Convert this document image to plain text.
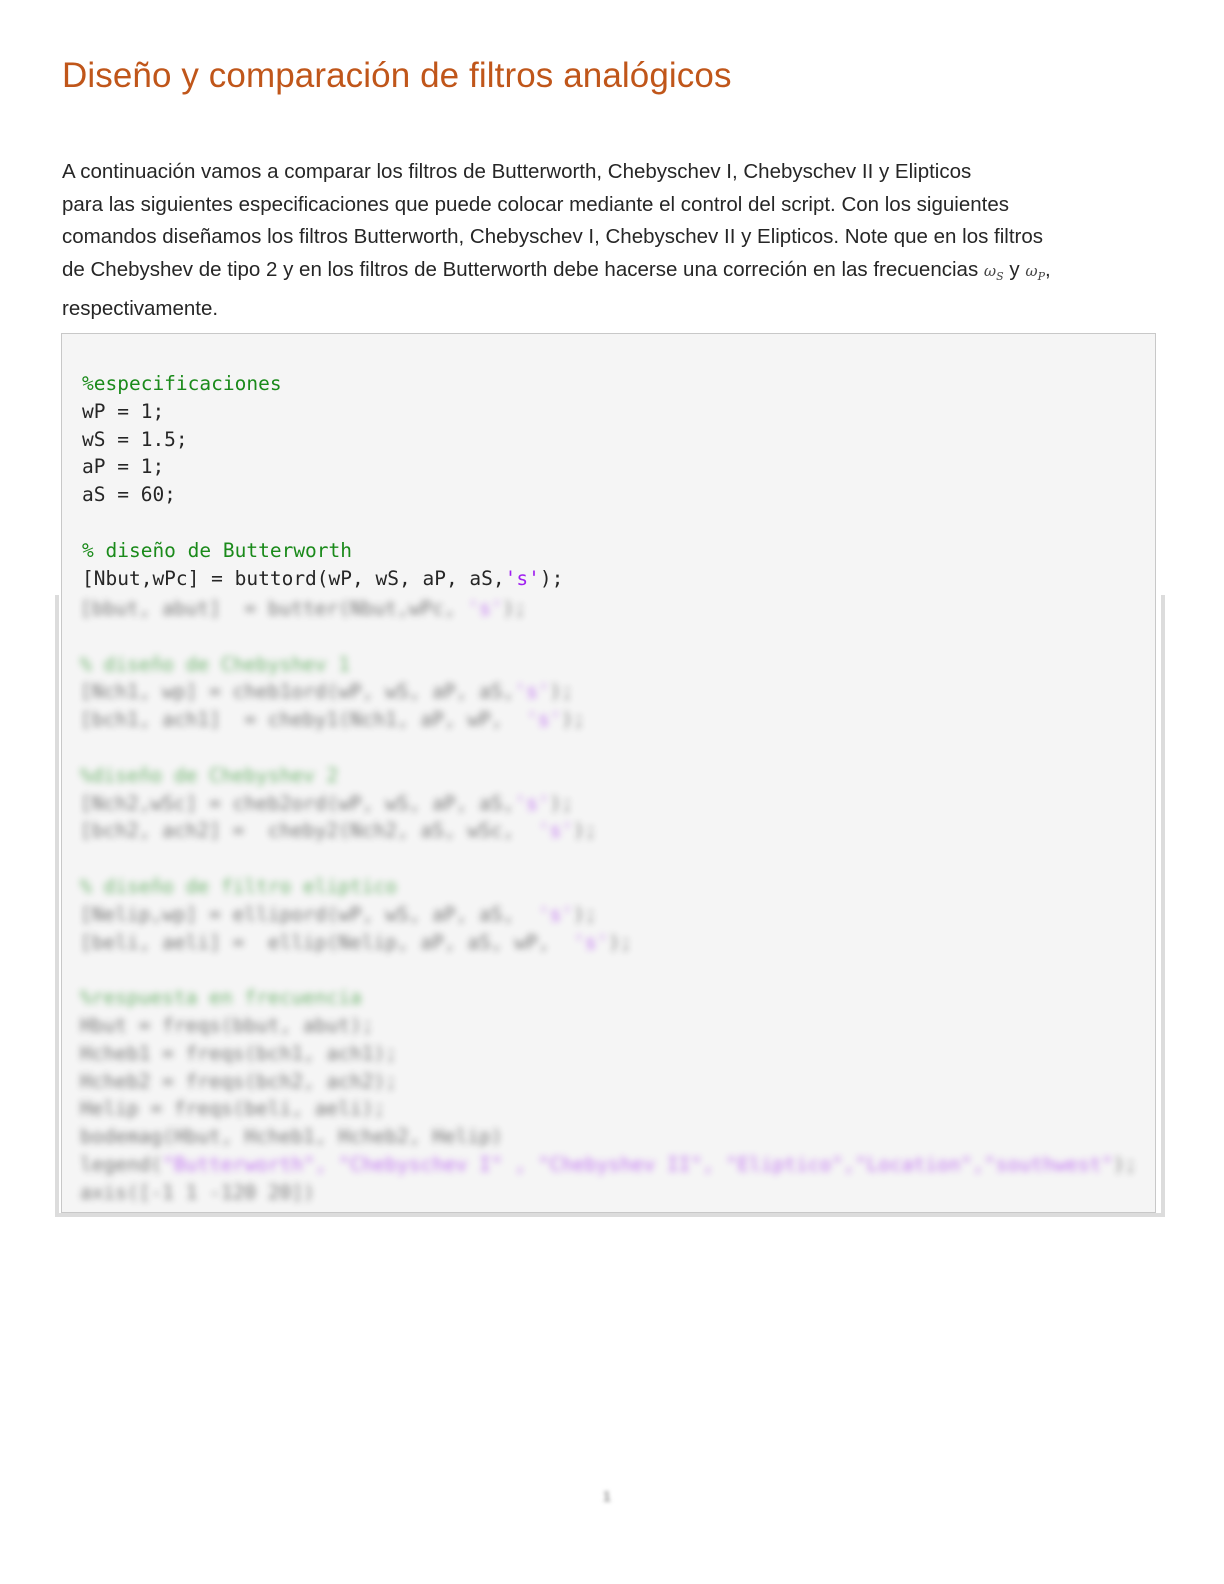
Diseño y comparación de filtros analógicos
A continuación vamos a comparar los filtros de Butterworth, Chebyschev I, Chebyschev II y Elipticos
para las siguientes especificaciones que puede colocar mediante el control del script. Con los siguientes
comandos diseñamos los filtros Butterworth, Chebyschev I, Chebyschev II y Elipticos. Note que en los filtros
de Chebyshev de tipo 2 y en los filtros de Butterworth debe hacerse una correción en las frecuencias $\omega_S$ y $\omega_P$,
respectivamente.
%especificaciones
wP = 1;
wS = 1.5;
aP = 1;
aS = 60;
% diseño de Butterworth
[Nbut,wPc] = buttord(wP, wS, aP, aS,'s');
[bbut, abut]  = butter(Nbut,wPc, 's');
% diseño de Chebyshev 1
[Nch1, wp] = cheb1ord(wP, wS, aP, aS,'s');
[bch1, ach1]  = cheby1(Nch1, aP, wP,  's');
%diseño de Chebyshev 2
[Nch2,wSc] = cheb2ord(wP, wS, aP, aS,'s');
[bch2, ach2] =  cheby2(Nch2, aS, wSc,  's');
% diseño de filtro eliptico
[Nelip,wp] = ellipord(wP, wS, aP, aS,  's');
[beli, aeli] =  ellip(Nelip, aP, aS, wP,  's');
%respuesta en frecuencia
Hbut = freqs(bbut, abut);
Hcheb1 = freqs(bch1, ach1);
Hcheb2 = freqs(bch2, ach2);
Helip = freqs(beli, aeli);
bodemag(Hbut, Hcheb1, Hcheb2, Helip)
legend("Butterworth", "Chebyschev I" , "Chebyshev II", "Eliptico","Location","southwest");
axis([-1 1 -120 20])
1
